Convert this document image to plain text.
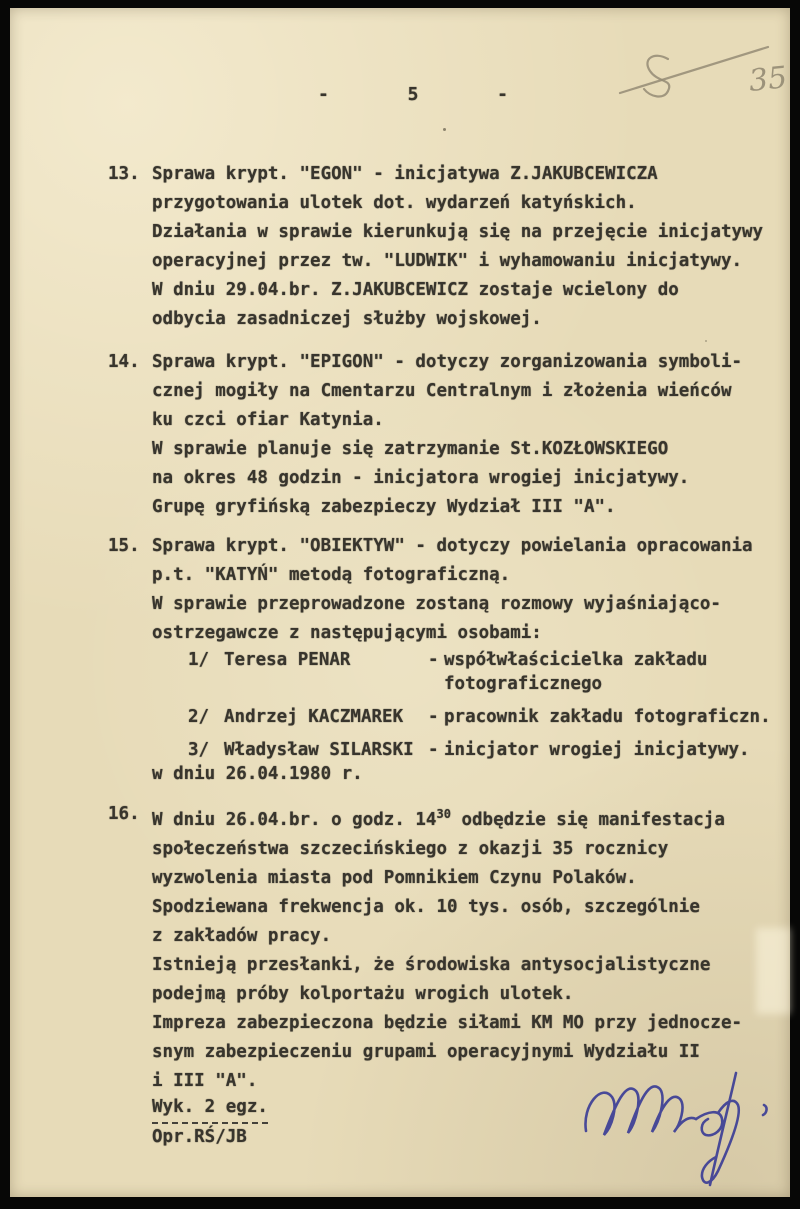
35
-	5	-
13. Sprawa krypt. "EGON" - inicjatywa Z.JAKUBCEWICZA
przygotowania ulotek dot. wydarzeń katyńskich.
Działania w sprawie kierunkują się na przejęcie inicjatywy
operacyjnej przez tw. "LUDWIK" i wyhamowaniu inicjatywy.
W dniu 29.04.br. Z.JAKUBCEWICZ zostaje wcielony do
odbycia zasadniczej służby wojskowej.
14. Sprawa krypt. "EPIGON" - dotyczy zorganizowania symboli-
cznej mogiły na Cmentarzu Centralnym i złożenia wieńców
ku czci ofiar Katynia.
W sprawie planuje się zatrzymanie St.KOZŁOWSKIEGO
na okres 48 godzin - inicjatora wrogiej inicjatywy.
Grupę gryfińską zabezpieczy Wydział III "A".
15. Sprawa krypt. "OBIEKTYW" - dotyczy powielania opracowania
p.t. "KATYŃ" metodą fotograficzną.
W sprawie przeprowadzone zostaną rozmowy wyjaśniająco-
ostrzegawcze z następującymi osobami:
1/ Teresa PENAR	- współwłaścicielka zakładu
fotograficznego
2/ Andrzej KACZMAREK	- pracownik zakładu fotograficzn.
3/ Władysław SILARSKI - inicjator wrogiej inicjatywy.
w dniu 26.04.1980 r.
16. W dniu 26.04.br. o godz. $14^{30}$ odbędzie się manifestacja
społeczeństwa szczecińskiego z okazji 35 rocznicy
wyzwolenia miasta pod Pomnikiem Czynu Polaków.
Spodziewana frekwencja ok. 10 tys. osób, szczególnie
z zakładów pracy.
Istnieją przesłanki, że środowiska antysocjalistyczne
podejmą próby kolportażu wrogich ulotek.
Impreza zabezpieczona będzie siłami KM MO przy jednocze-
snym zabezpieczeniu grupami operacyjnymi Wydziału II
i III "A".
Wyk. 2 egz.
Opr.RŚ/JB
